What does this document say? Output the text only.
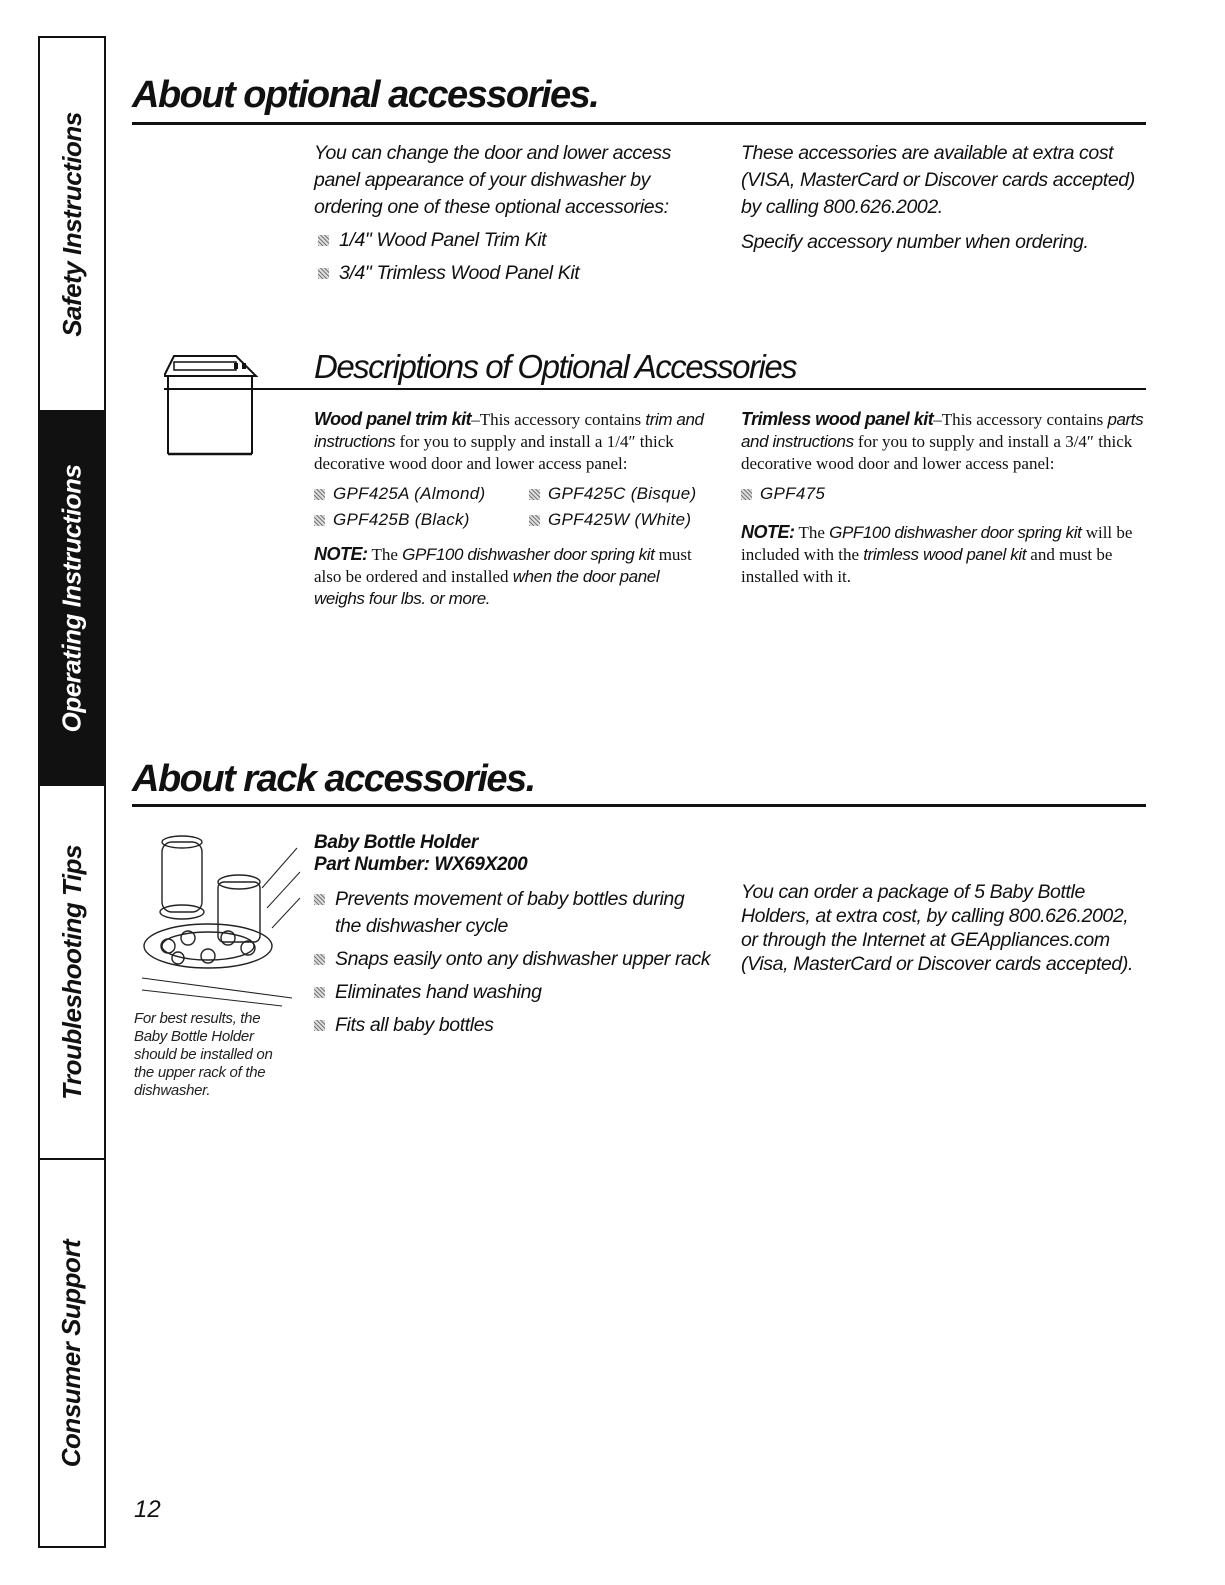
Safety Instructions
Operating Instructions
Troubleshooting Tips
Consumer Support
About optional accessories.
You can change the door and lower access panel appearance of your dishwasher by ordering one of these optional accessories:
1/4" Wood Panel Trim Kit
3/4" Trimless Wood Panel Kit
These accessories are available at extra cost (VISA, MasterCard or Discover cards accepted) by calling 800.626.2002.
Specify accessory number when ordering.
Descriptions of Optional Accessories
Wood panel trim kit–This accessory contains trim and instructions for you to supply and install a 1/4″ thick decorative wood door and lower access panel:
GPF425A (Almond)	GPF425C (Bisque)
GPF425B (Black)	GPF425W (White)
NOTE: The GPF100 dishwasher door spring kit must also be ordered and installed when the door panel weighs four lbs. or more.
Trimless wood panel kit–This accessory contains parts and instructions for you to supply and install a 3/4″ thick decorative wood door and lower access panel:
GPF475
NOTE: The GPF100 dishwasher door spring kit will be included with the trimless wood panel kit and must be installed with it.
About rack accessories.
For best results, the Baby Bottle Holder should be installed on the upper rack of the dishwasher.
Baby Bottle Holder
Part Number: WX69X200
Prevents movement of baby bottles during the dishwasher cycle
Snaps easily onto any dishwasher upper rack
Eliminates hand washing
Fits all baby bottles
You can order a package of 5 Baby Bottle Holders, at extra cost, by calling 800.626.2002, or through the Internet at GEAppliances.com (Visa, MasterCard or Discover cards accepted).
12
